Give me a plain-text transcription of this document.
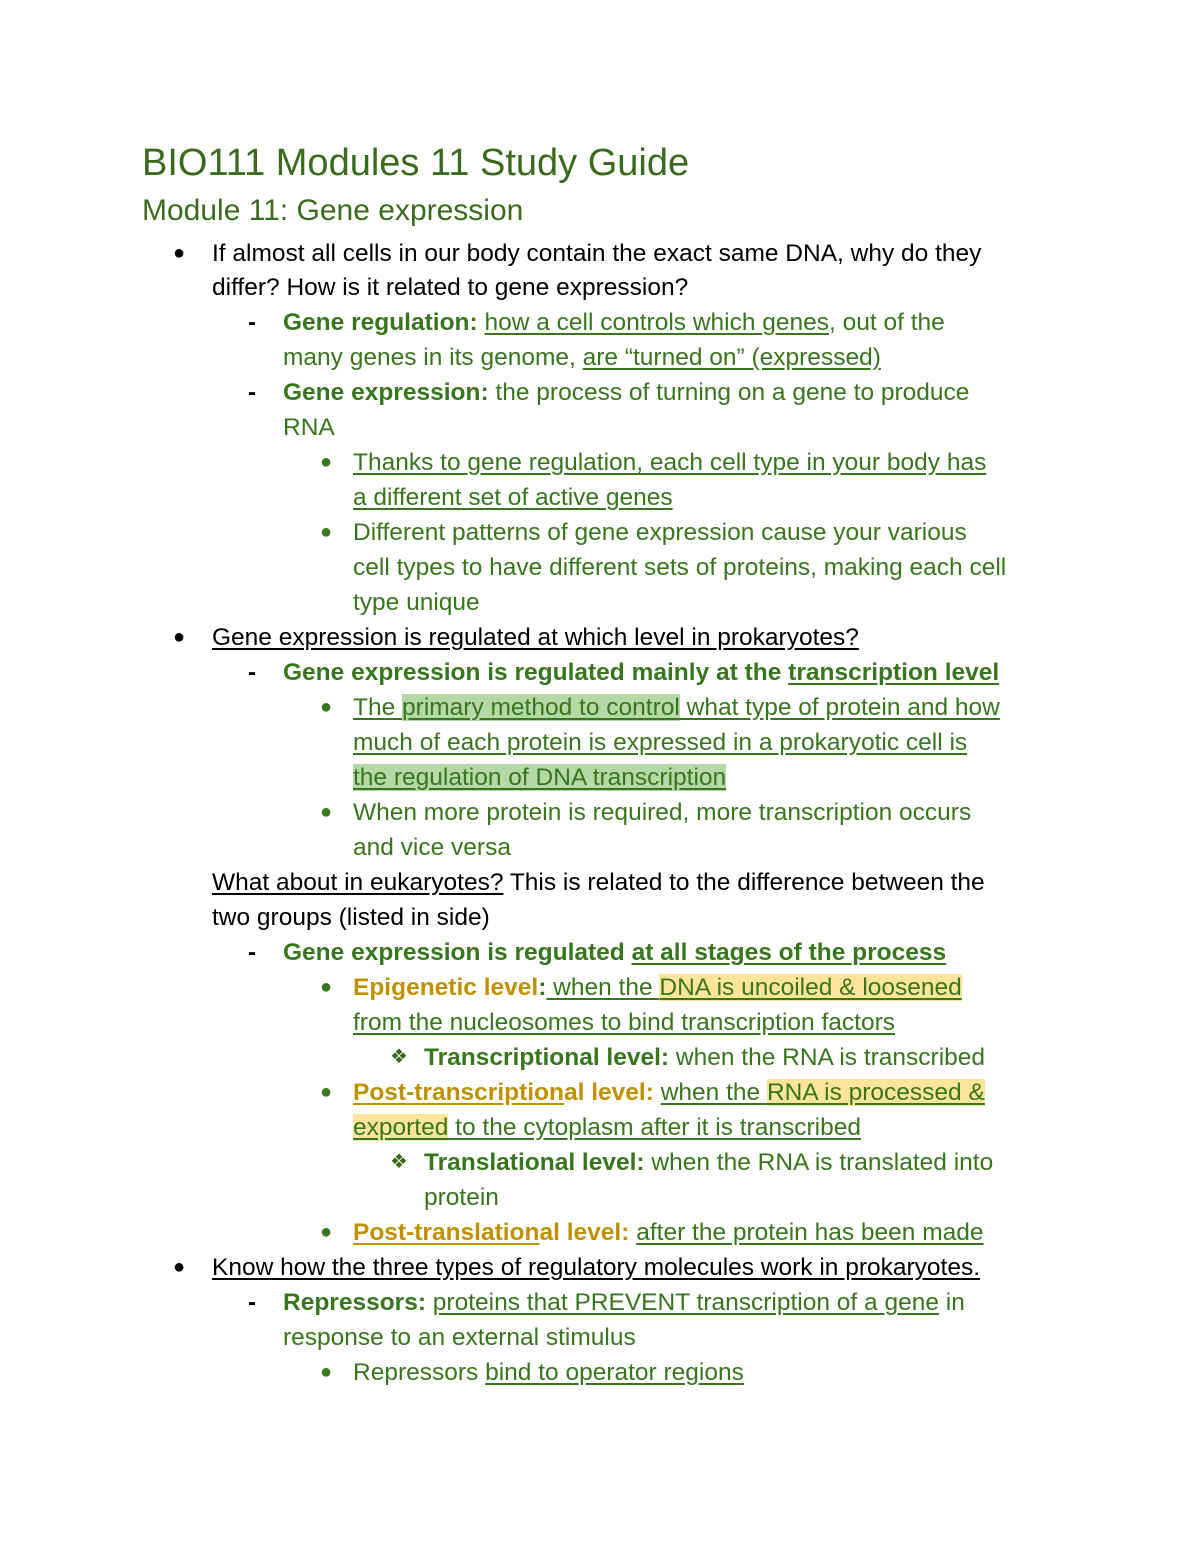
BIO111 Modules 11 Study Guide
Module 11: Gene expression
● If almost all cells in our body contain the exact same DNA, why do they
differ? How is it related to gene expression?
- Gene regulation: how a cell controls which genes, out of the
many genes in its genome, are “turned on” (expressed)
- Gene expression: the process of turning on a gene to produce
RNA
● Thanks to gene regulation, each cell type in your body has
a different set of active genes
● Different patterns of gene expression cause your various
cell types to have different sets of proteins, making each cell
type unique
● Gene expression is regulated at which level in prokaryotes?
- Gene expression is regulated mainly at the transcription level
● The primary method to control what type of protein and how
much of each protein is expressed in a prokaryotic cell is
the regulation of DNA transcription
● When more protein is required, more transcription occurs
and vice versa
What about in eukaryotes? This is related to the difference between the
two groups (listed in side)
- Gene expression is regulated at all stages of the process
● Epigenetic level: when the DNA is uncoiled & loosened
from the nucleosomes to bind transcription factors
❖ Transcriptional level: when the RNA is transcribed
● Post-transcriptional level: when the RNA is processed &
exported to the cytoplasm after it is transcribed
❖ Translational level: when the RNA is translated into
protein
● Post-translational level: after the protein has been made
● Know how the three types of regulatory molecules work in prokaryotes.
- Repressors: proteins that PREVENT transcription of a gene in
response to an external stimulus
● Repressors bind to operator regions
